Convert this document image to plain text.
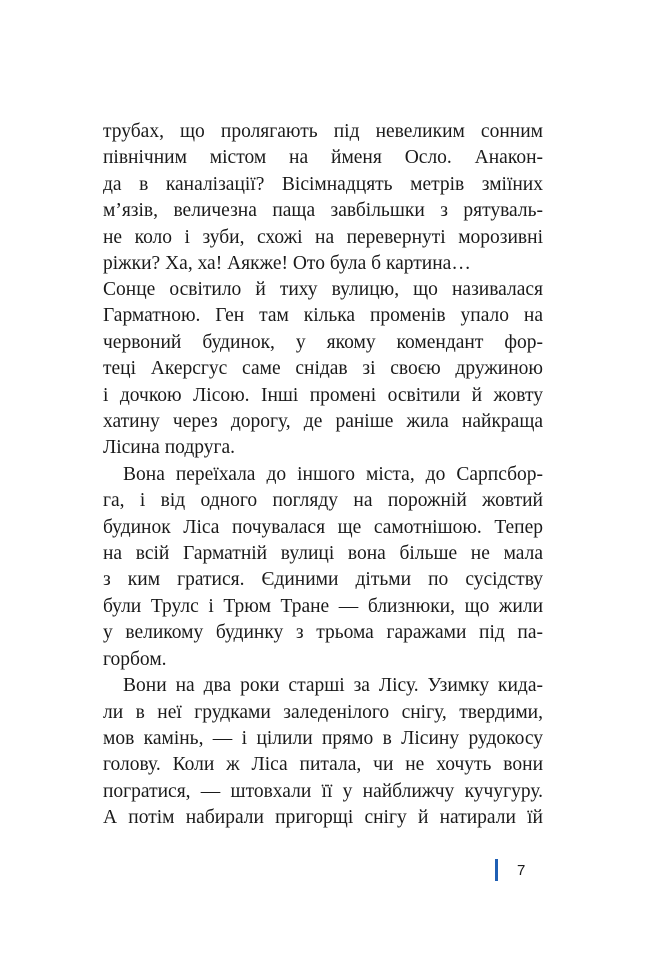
трубах, що пролягають під невеликим сонним
північним містом на йменя Осло. Анакон-
да в каналізації? Вісімнадцять метрів зміїних
м’язів, величезна паща завбільшки з рятуваль-
не коло і зуби, схожі на перевернуті морозивні
ріжки? Ха, ха! Аякже! Ото була б картина…
Сонце освітило й тиху вулицю, що називалася
Гарматною. Ген там кілька променів упало на
червоний будинок, у якому комендант фор-
теці Акерсгус саме снідав зі своєю дружиною
і дочкою Лісою. Інші промені освітили й жовту
хатину через дорогу, де раніше жила найкраща
Лісина подруга.
Вона переїхала до іншого міста, до Сарпсбор-
га, і від одного погляду на порожній жовтий
будинок Ліса почувалася ще самотнішою. Тепер
на всій Гарматній вулиці вона більше не мала
з ким гратися. Єдиними дітьми по сусідству
були Трулс і Трюм Тране — близнюки, що жили
у великому будинку з трьома гаражами під па-
горбом.
Вони на два роки старші за Лісу. Узимку кида-
ли в неї грудками заледенілого снігу, твердими,
мов камінь, — і цілили прямо в Лісину рудокосу
голову. Коли ж Ліса питала, чи не хочуть вони
погратися, — штовхали її у найближчу кучугуру.
А потім набирали пригорщі снігу й натирали їй
7
